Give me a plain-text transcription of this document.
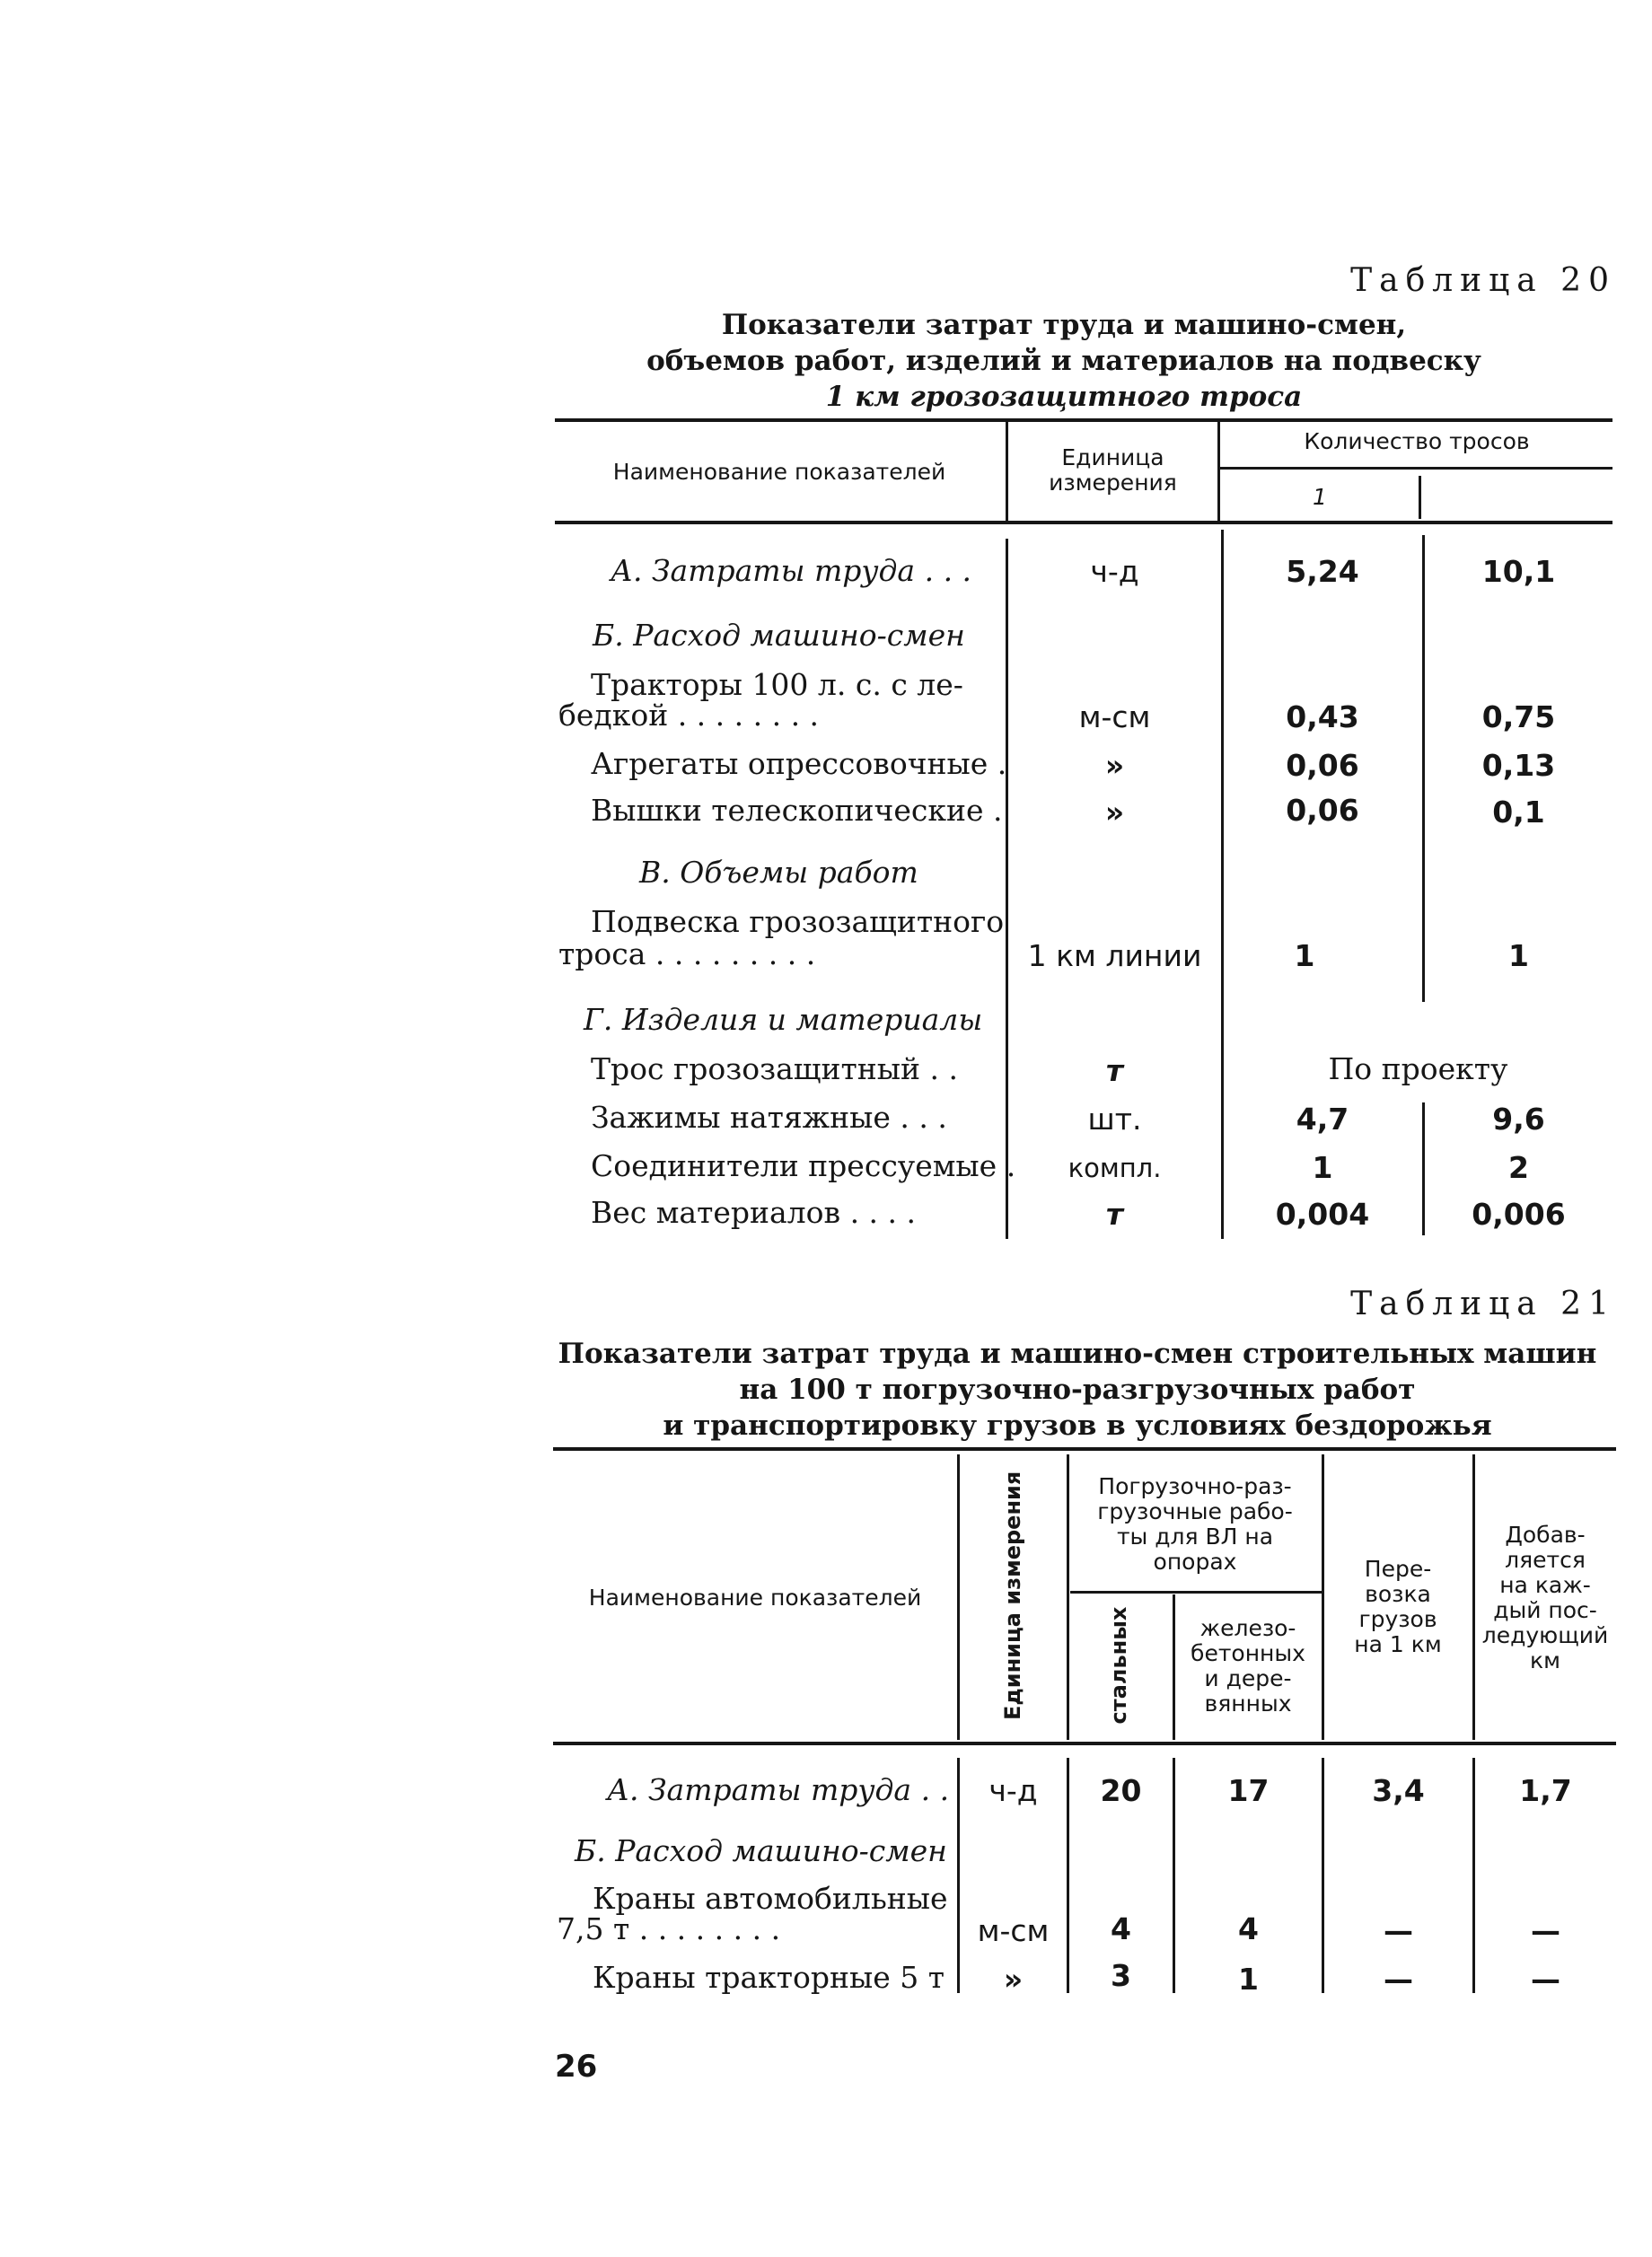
Таблица 20
Показатели затрат труда и машино-смен,
объемов работ, изделий и материалов на подвеску
1 км грозозащитного троса
Наименование показателей
Единица
измерения
Количество тросов
1
А. Затраты труда . . .	ч-д	5,24	10,1
Б. Расход машино-смен
Тракторы 100 л. с. с ле-
бедкой . . . . . . . .	м-см	0,43	0,75
Агрегаты опрессовочные .	»	0,06	0,13
Вышки телескопические .	»	0,06	0,1
В. Объемы работ
Подвеска грозозащитного
троса . . . . . . . . .	1 км линии	1	1
Г. Изделия и материалы
Трос грозозащитный . .	т	По проекту
Зажимы натяжные . . .	шт.	4,7	9,6
Соединители прессуемые .	компл.	1	2
Вес материалов . . . .	т	0,004	0,006
Таблица 21
Показатели затрат труда и машино-смен строительных машин
на 100 т погрузочно-разгрузочных работ
и транспортировку грузов в условиях бездорожья
Наименование показателей	Единица измерения	Погрузочно-раз-
грузочные рабо-
ты для ВЛ на
опорах
стальных	железо-
бетонных
и дере-
вянных
Пере-
возка
грузов
на 1 км
Добав-
ляется
на каж-
дый пос-
ледующий
км
А. Затраты труда . .	ч-д	20	17	3,4	1,7
Б. Расход машино-смен
Краны автомобильные
7,5 т . . . . . . . .	м-см	4	4	—	—
Краны тракторные 5 т	»	3	1	—	—
26
